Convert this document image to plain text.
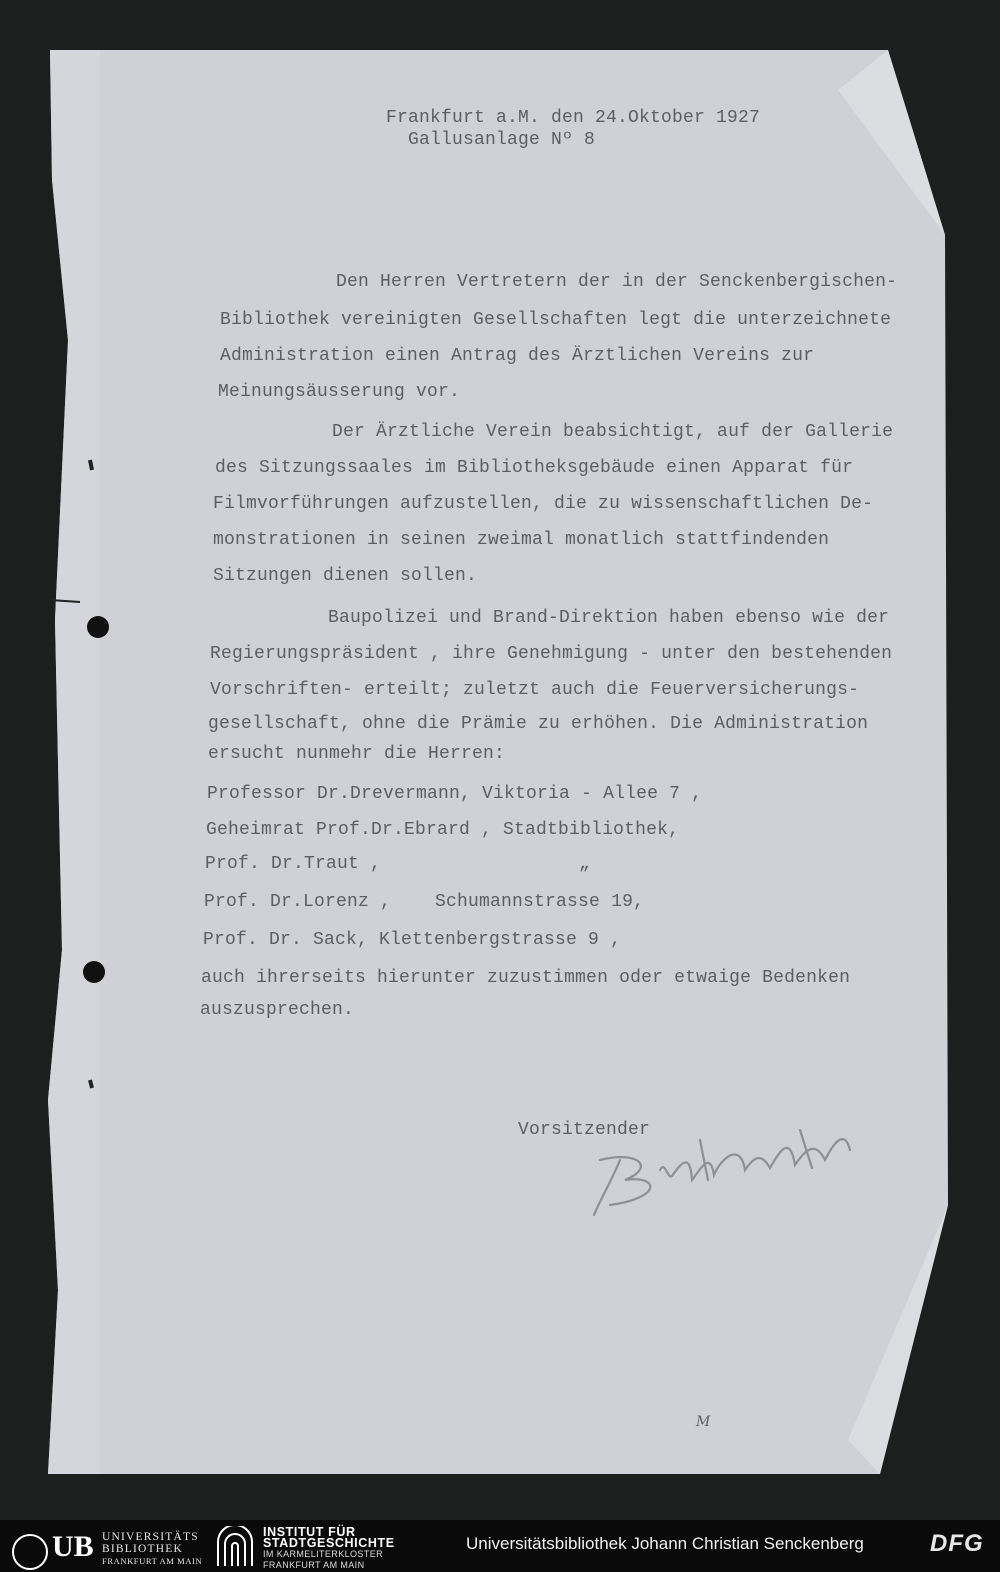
Frankfurt a.M. den 24.Oktober 1927
Gallusanlage Nº 8
Den Herren Vertretern der in der Senckenbergischen-
Bibliothek vereinigten Gesellschaften legt die unterzeichnete
Administration einen Antrag des Ärztlichen Vereins zur
Meinungsäusserung vor.
Der Ärztliche Verein beabsichtigt, auf der Gallerie
des Sitzungssaales im Bibliotheksgebäude einen Apparat für
Filmvorführungen aufzustellen, die zu wissenschaftlichen De-
monstrationen in seinen zweimal monatlich stattfindenden
Sitzungen dienen sollen.
Baupolizei und Brand-Direktion haben ebenso wie der
Regierungspräsident , ihre Genehmigung - unter den bestehenden
Vorschriften- erteilt; zuletzt auch die Feuerversicherungs-
gesellschaft, ohne die Prämie zu erhöhen. Die Administration
ersucht nunmehr die Herren:
Professor Dr.Drevermann, Viktoria - Allee 7 ,
Geheimrat Prof.Dr.Ebrard , Stadtbibliothek,
Prof. Dr.Traut ,                  „
Prof. Dr.Lorenz ,    Schumannstrasse 19,
Prof. Dr. Sack, Klettenbergstrasse 9 ,
auch ihrerseits hierunter zuzustimmen oder etwaige Bedenken
auszusprechen.
Vorsitzender
M
UB UNIVERSITÄTS
BIBLIOTHEK
FRANKFURT AM MAIN
INSTITUT FÜR
STADTGESCHICHTE
IM KARMELITERKLOSTER
FRANKFURT AM MAIN
Universitätsbibliothek Johann Christian Senckenberg	DFG
